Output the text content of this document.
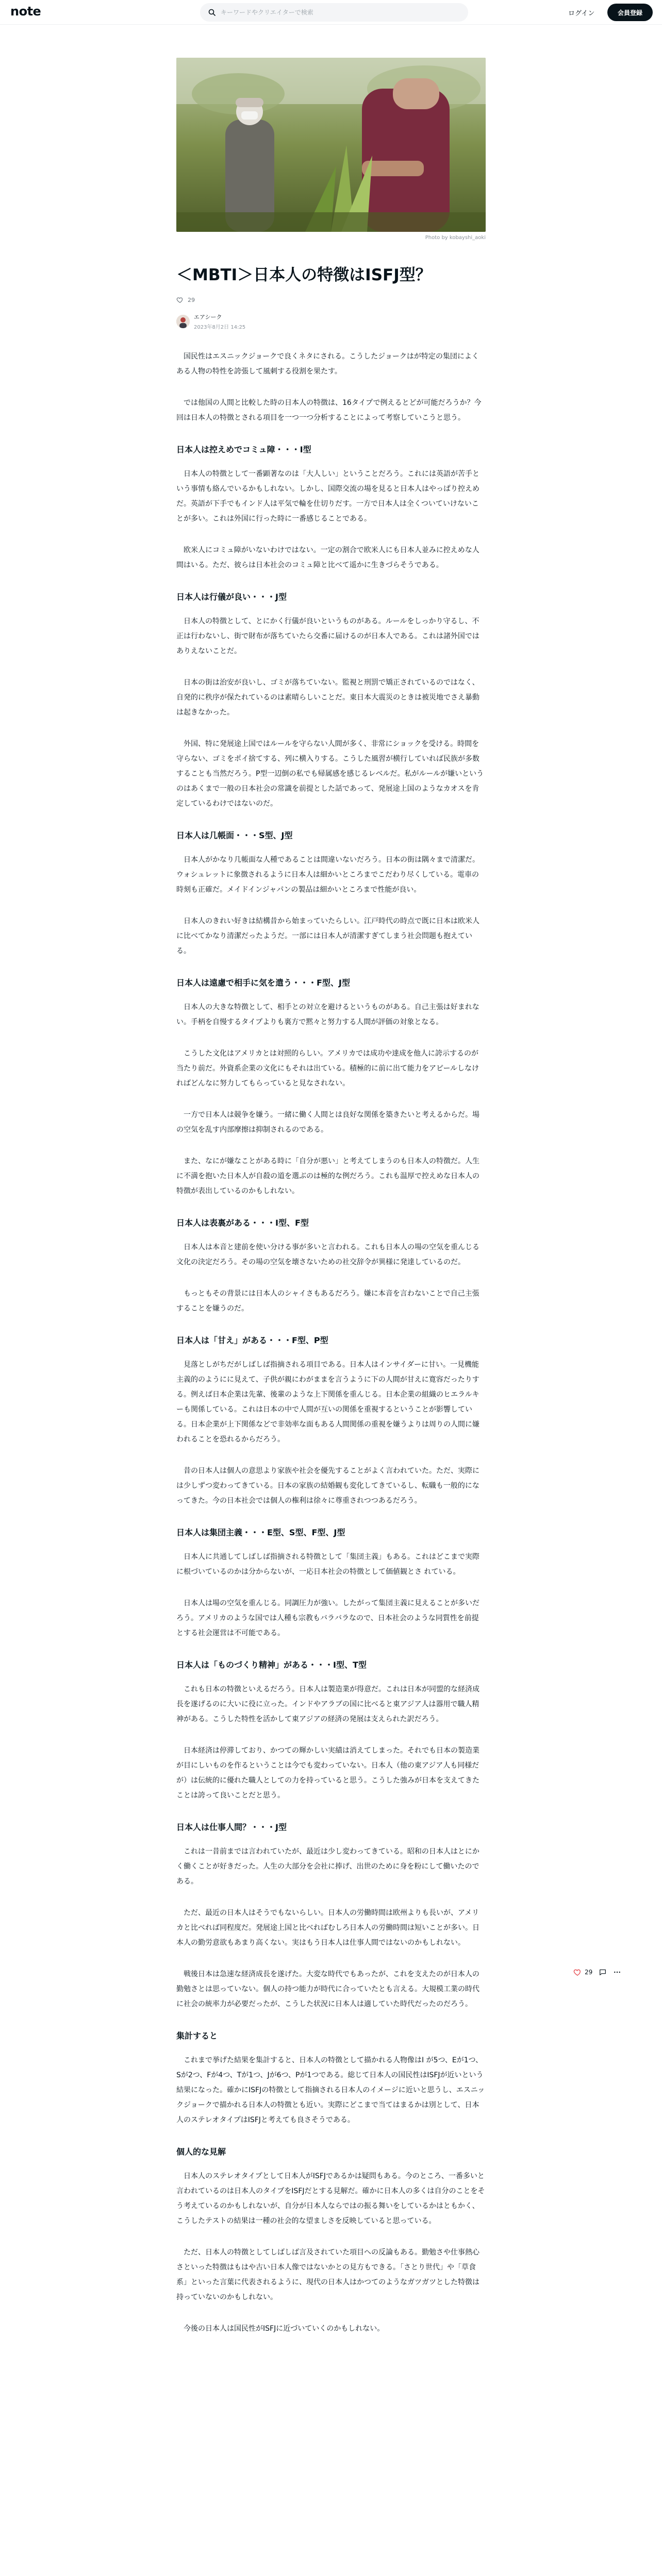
note
キーワードやクリエイターで検索	ログイン	会員登録
Photo by kobayshi_aoki
＜MBTI＞日本人の特徴はISFJ型？
29
エアシーク
2023年8月2日 14:25

国民性はエスニックジョークで良くネタにされる。こうしたジョークはが特定の集団によくある人物の特性を誇張して風刺する役割を果たす。

では他国の人間と比較した時の日本人の特徴は、16タイプで例えるとどが可能だろうか？今回は日本人の特徴とされる項目を一つ一つ分析することによって考察していこうと思う。

日本人は控えめでコミュ障・・・I型

日本人の特徴として一番顕著なのは「大人しい」ということだろう。これには英語が苦手という事情も絡んでいるかもしれない。しかし、国際交流の場を見ると日本人はやっぱり控えめだ。英語が下手でもインド人は平気で輪を仕切りだす。一方で日本人は全くついていけないことが多い。これは外国に行った時に一番感じることである。

欧米人にコミュ障がいないわけではない。一定の割合で欧米人にも日本人並みに控えめな人間はいる。ただ、彼らは日本社会のコミュ障と比べて遥かに生きづらそうである。

日本人は行儀が良い・・・J型

日本人の特徴として、とにかく行儀が良いというものがある。ルールをしっかり守るし、不正は行わないし、街で財布が落ちていたら交番に届けるのが日本人である。これは諸外国ではありえないことだ。

日本の街は治安が良いし、ゴミが落ちていない。監視と刑罰で矯正されているのではなく、自発的に秩序が保たれているのは素晴らしいことだ。東日本大震災のときは被災地でさえ暴動は起きなかった。

外国、特に発展途上国ではルールを守らない人間が多く、非常にショックを受ける。時間を守らない、ゴミをポイ捨てする、列に横入りする。こうした風習が横行していれば民族が多数することも当然だろう。P型一辺倒の私でも帰属感を感じるレベルだ。私がルールが嫌いというのはあくまで一般の日本社会の常識を前提とした話であって、発展途上国のようなカオスを肯定しているわけではないのだ。

日本人は几帳面・・・S型、J型

日本人がかなり几帳面な人種であることは間違いないだろう。日本の街は隅々まで清潔だ。ウォシュレットに象徴されるように日本人は細かいところまでこだわり尽くしている。電車の時刻も正確だ。メイドインジャパンの製品は細かいところまで性能が良い。

日本人のきれい好きは結構昔から始まっていたらしい。江戸時代の時点で既に日本は欧米人に比べてかなり清潔だったようだ。一部には日本人が清潔すぎてしまう社会問題も抱えている。

日本人は遠慮で相手に気を遣う・・・F型、J型

日本人の大きな特徴として、相手との対立を避けるというものがある。自己主張は好まれない。手柄を自慢するタイプよりも裏方で黙々と努力する人間が評価の対象となる。

こうした文化はアメリカとは対照的らしい。アメリカでは成功や達成を他人に誇示するのが当たり前だ。外資系企業の文化にもそれは出ている。積極的に前に出て能力をアピールしなければどんなに努力してもらっていると見なされない。

一方で日本人は競争を嫌う。一緒に働く人間とは良好な関係を築きたいと考えるからだ。場の空気を乱す内部摩擦は抑制されるのである。

また、なにが嫌なことがある時に「自分が悪い」と考えてしまうのも日本人の特徴だ。人生に不満を抱いた日本人が自殺の道を選ぶのは極的な例だろう。これも温厚で控えめな日本人の特徴が表出しているのかもしれない。

日本人は表裏がある・・・I型、F型

日本人は本音と建前を使い分ける事が多いと言われる。これも日本人の場の空気を重んじる文化の決定だろう。その場の空気を壊さないための社交辞令が異様に発達しているのだ。

もっともその背景には日本人のシャイさもあるだろう。嫌に本音を言わないことで自己主張することを嫌うのだ。

日本人は「甘え」がある・・・F型、P型

見落としがちだがしばしば指摘される項目である。日本人はインサイダーに甘い。一見機能主義的のようにに見えて、子供が親にわがままを言うように下の人間が甘えに寛容だったりする。例えば日本企業は先輩、後輩のような上下関係を重んじる。日本企業の組織のヒエラルキーも関係している。これは日本の中で人間が互いの関係を重視するということが影響している。日本企業が上下関係などで非効率な面もある人間関係の重視を嫌うよりは周りの人間に嫌われることを恐れるからだろう。

昔の日本人は個人の意思より家族や社会を優先することがよく言われていた。ただ、実際には少しずつ変わってきている。日本の家族の結婚観も変化してきているし、転職も一般的になってきた。今の日本社会では個人の権利は徐々に尊重されつつあるだろう。

日本人は集団主義・・・E型、S型、F型、J型

日本人に共通してしばしば指摘される特徴として「集団主義」もある。これはどこまで実際に根づいているのかは分からないが、一応日本社会の特徴として価値観とさ れている。

日本人は場の空気を重んじる。同調圧力が強い。したがって集団主義に見えることが多いだろう。アメリカのような国では人種も宗教もバラバラなので、日本社会のような同質性を前提とする社会運営は不可能である。

日本人は「ものづくり精神」がある・・・I型、T型

これも日本の特徴といえるだろう。日本人は製造業が得意だ。これは日本が同盟的な経済成長を遂げるのに大いに役に立った。インドやアラブの国に比べると東アジア人は器用で職人精神がある。こうした特性を活かして東アジアの経済の発展は支えられた訳だろう。

日本経済は停滞しており、かつての輝かしい実績は消えてしまった。それでも日本の製造業が目にしいものを作るということは今でも変わっていない。日本人（他の東アジア人も同様だが）は伝統的に優れた職人としての力を持っていると思う。こうした強みが日本を支えてきたことは誇って良いことだと思う。

日本人は仕事人間？・・・J型

これは一昔前までは言われていたが、最近は少し変わってきている。昭和の日本人はとにかく働くことが好きだった。人生の大部分を会社に捧げ、出世のために身を粉にして働いたのである。

ただ、最近の日本人はそうでもないらしい。日本人の労働時間は欧州よりも長いが、アメリカと比べれば同程度だ。発展途上国と比べればむしろ日本人の労働時間は短いことが多い。日本人の勤労意欲もあまり高くない。実はもう日本人は仕事人間ではないのかもしれない。

戦後日本は急速な経済成長を遂げた。大変な時代でもあったが、これを支えたのが日本人の勤勉さとは思っていない。個人の持つ能力が時代に合っていたとも言える。大規模工業の時代に社会の統率力が必要だったが、こうした状況に日本人は適していた時代だったのだろう。

集計すると

これまで挙げた結果を集計すると、日本人の特徴として描かれる人物像はI が5つ、Eが1つ、Sが2つ、Fが4つ、Tが1つ、Jが6つ、Pが1つである。総じて日本人の国民性はISFJが近いという結果になった。確かにISFJの特徴として指摘される日本人のイメージに近いと思うし、エスニックジョークで描かれる日本人の特徴とも近い。実際にどこまで当てはまるかは別として、日本人のステレオタイプはISFJと考えても良さそうである。

個人的な見解

日本人のステレオタイプとして日本人がISFJであるかは疑問もある。今のところ、一番多いと言われているのは日本人のタイプをISFJだとする見解だ。確かに日本人の多くは自分のことをそう考えているのかもしれないが、自分が日本人ならではの振る舞いをしているかはともかく、こうしたテストの結果は一種の社会的な望ましさを反映していると思っている。

ただ、日本人の特徴としてしばしば言及されていた項目への反論もある。勤勉さや仕事熱心さといった特徴はもはや古い日本人像ではないかとの見方もできる。「さとり世代」や「草食系」といった言葉に代表されるように、現代の日本人はかつてのようなガツガツとした特徴は持っていないのかもしれない。

今後の日本人は国民性がISFJに近づいていくのかもしれない。

29
